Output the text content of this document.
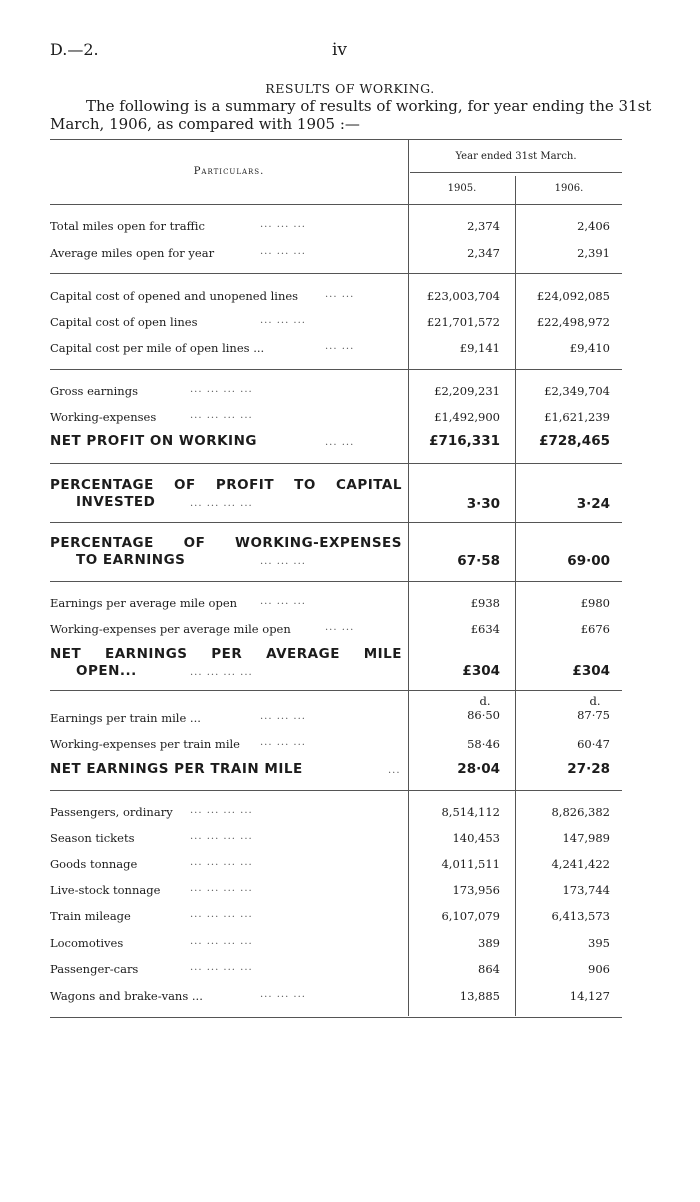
D.—2.	iv
RESULTS OF WORKING.
The following is a summary of results of working, for year ending the 31st
March, 1906, as compared with 1905 :—
Particulars.
Year ended 31st March.
1905.	1906.
Total miles open for traffic	... ... ...	2,374	2,406
Average miles open for year	... ... ...	2,347	2,391
Capital cost of opened and unopened lines	... ...	£23,003,704	£24,092,085
Capital cost of open lines	... ... ...	£21,701,572	£22,498,972
Capital cost per mile of open lines ...	... ...	£9,141	£9,410
Gross earnings	... ... ... ...	£2,209,231	£2,349,704
Working-expenses	... ... ... ...	£1,492,900	£1,621,239
NET PROFIT ON WORKING	... ...	£716,331	£728,465
PERCENTAGE OF PROFIT TO CAPITAL
INVESTED	... ... ... ...	3·30	3·24
PERCENTAGE OF WORKING-EXPENSES
TO EARNINGS	... ... ...	67·58	69·00
Earnings per average mile open ... ... ...	£938	£980
Working-expenses per average mile open	... ...	£634	£676
NET EARNINGS PER AVERAGE MILE
OPEN...	... ... ... ...	£304	£304
d.	d.
Earnings per train mile ...	... ... ...	86·50	87·75
Working-expenses per train mile ... ... ...	58·46	60·47
NET EARNINGS PER TRAIN MILE	...	28·04	27·28
Passengers, ordinary ... ... ... ...	8,514,112	8,826,382
Season tickets	... ... ... ...	140,453	147,989
Goods tonnage	... ... ... ...	4,011,511	4,241,422
Live-stock tonnage	... ... ... ...	173,956	173,744
Train mileage	... ... ... ...	6,107,079	6,413,573
Locomotives	... ... ... ...	389	395
Passenger-cars	... ... ... ...	864	906
Wagons and brake-vans ...	... ... ...	13,885	14,127
